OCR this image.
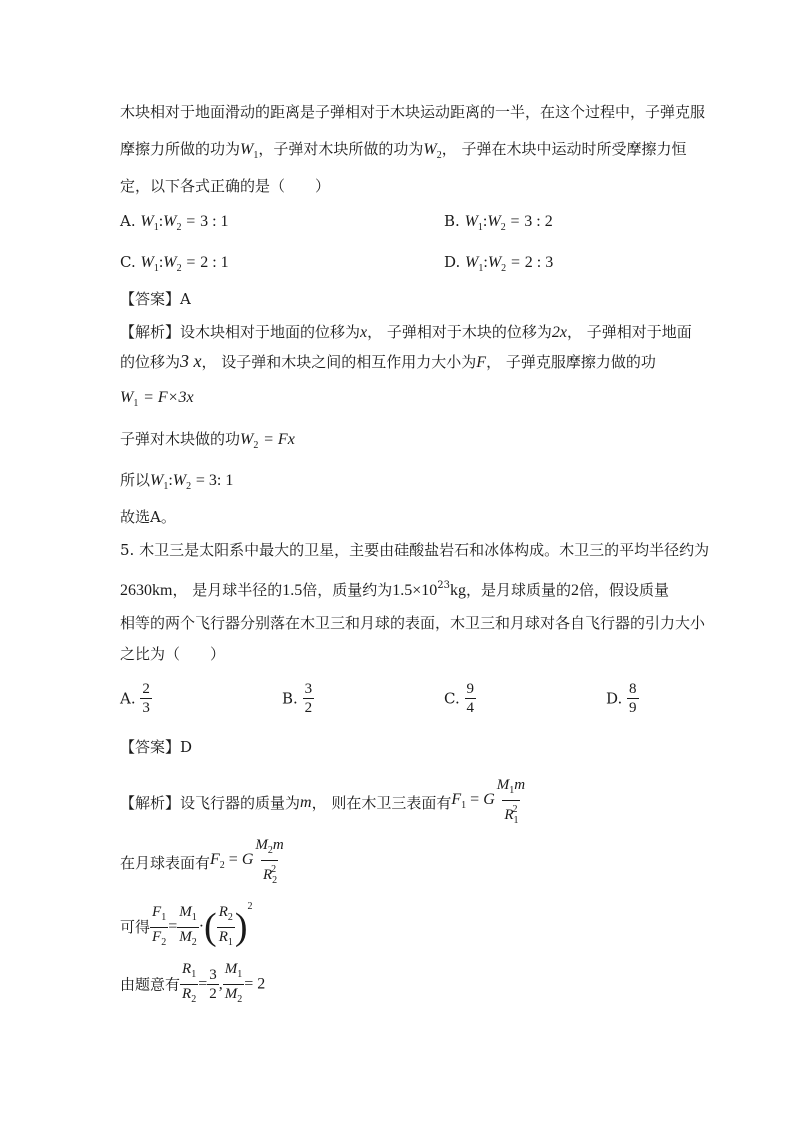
木块相对于地面滑动的距离是子弹相对于木块运动距离的一半，在这个过程中，子弹克服
摩擦力所做的功为$W_1$，子弹对木块所做的功为$W_2$， 子弹在木块中运动时所受摩擦力恒
定，以下各式正确的是（　　）
A. $W_1:W_2 = 3$ : 1	B. $W_1:W_2 = 3$ : 2
C. $W_1:W_2 = 2$ : 1	D. $W_1:W_2 = 2$ : 3
【答案】A
【解析】设木块相对于地面的位移为x， 子弹相对于木块的位移为2x， 子弹相对于地面
的位移为3 x， 设子弹和木块之间的相互作用力大小为F， 子弹克服摩擦力做的功
$W_1 = F\times 3x$
子弹对木块做的功$W_2 = Fx$
所以$W_1:W_2 = 3$: 1
故选A。
5. 木卫三是太阳系中最大的卫星，主要由硅酸盐岩石和冰体构成。木卫三的平均半径约为
2630km， 是月球半径的1.5倍，质量约为$1.5\times 10^{23}kg$，是月球质量的2倍，假设质量
相等的两个飞行器分别落在木卫三和月球的表面，木卫三和月球对各自飞行器的引力大小
之比为（　　）
A. $\frac{2}{3}$	B. $\frac{3}{2}$	C. $\frac{9}{4}$	D. $\frac{8}{9}$
【答案】D
【解析】设飞行器的质量为m， 则在木卫三表面有$F_1 = G \frac{M_1m}{R_1^2}$
在月球表面有$F_2 = G \frac{M_2m}{R_2^2}$
可得 $\frac{F_1}{F_2} = \frac{M_1}{M_2}$ ·( $\frac{R_2}{R_1} )^2$
由题意有 $\frac{R_1}{R_2} = \frac{3}{2}$ , $\frac{M_1}{M_2} = 2$
